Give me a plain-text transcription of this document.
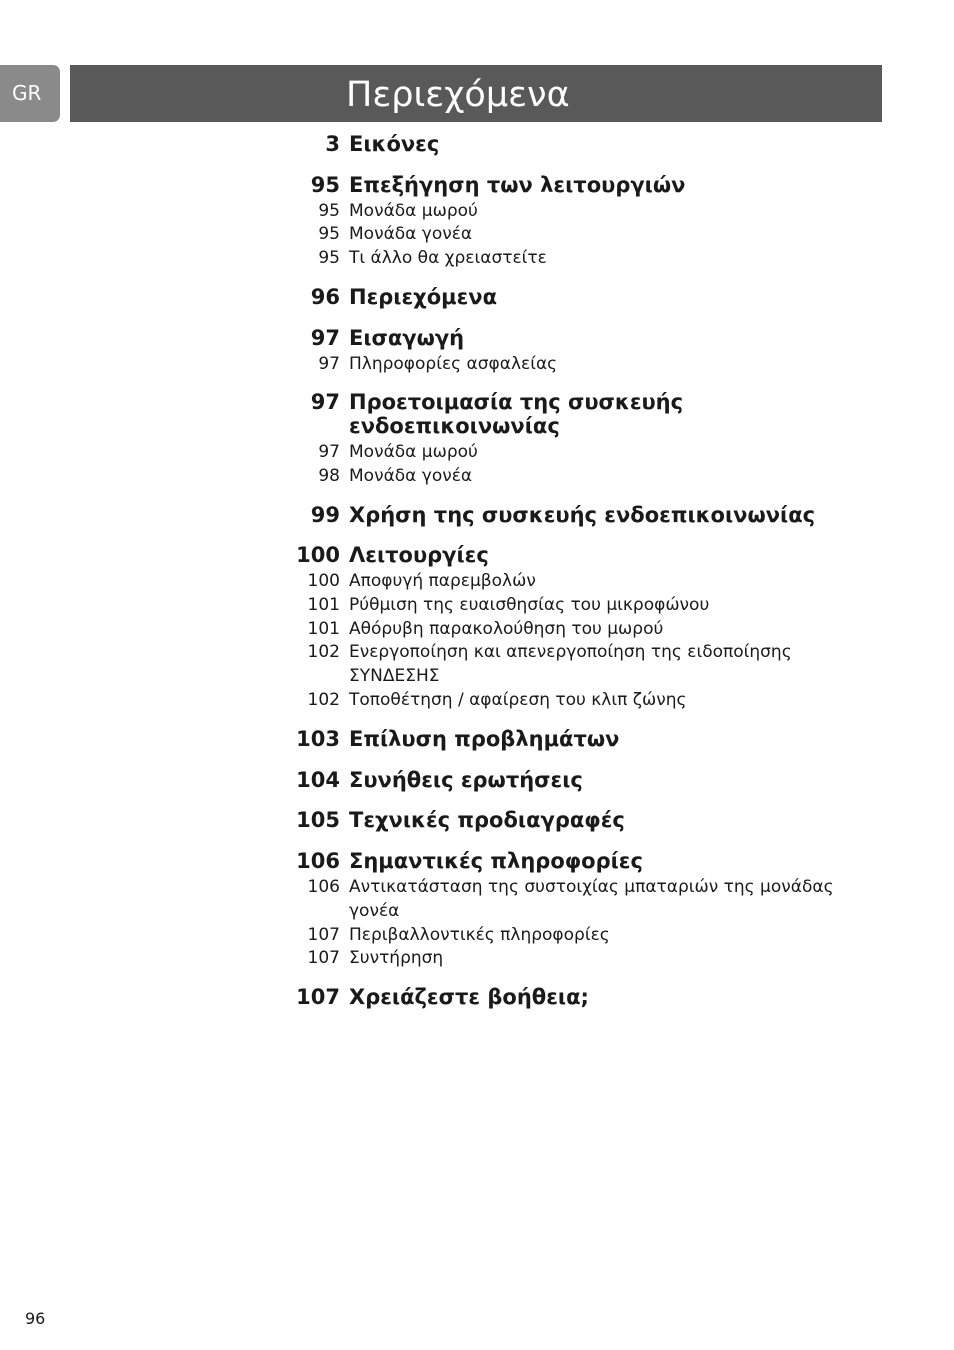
GR	Περιεχόμενα
3 Εικόνες
95 Επεξήγηση των λειτουργιών
95 Μονάδα μωρού
95 Μονάδα γονέα
95 Τι άλλο θα χρειαστείτε
96 Περιεχόμενα
97 Εισαγωγή
97 Πληροφορίες ασφαλείας
97 Προετοιμασία της συσκευής
ενδοεπικοινωνίας
97 Μονάδα μωρού
98 Μονάδα γονέα
99 Χρήση της συσκευής ενδοεπικοινωνίας
100 Λειτουργίες
100 Αποφυγή παρεμβολών
101 Ρύθμιση της ευαισθησίας του μικροφώνου
101 Αθόρυβη παρακολούθηση του μωρού
102 Ενεργοποίηση και απενεργοποίηση της ειδοποίησης
ΣΥΝΔΕΣΗΣ
102 Τοποθέτηση / αφαίρεση του κλιπ ζώνης
103 Επίλυση προβλημάτων
104 Συνήθεις ερωτήσεις
105 Τεχνικές προδιαγραφές
106 Σημαντικές πληροφορίες
106 Αντικατάσταση της συστοιχίας μπαταριών της μονάδας
γονέα
107 Περιβαλλοντικές πληροφορίες
107 Συντήρηση
107 Χρειάζεστε βοήθεια;
96
